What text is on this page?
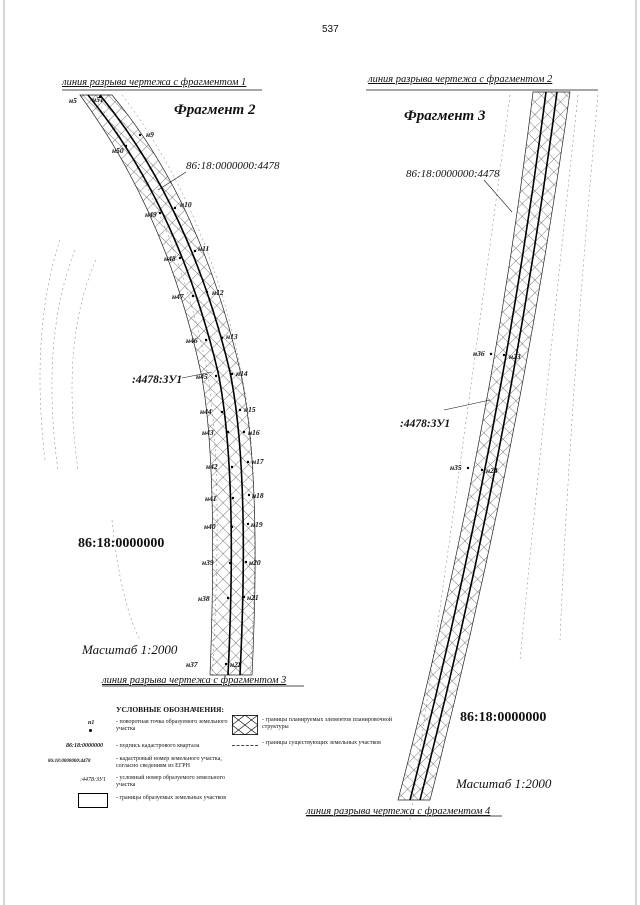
537
линия разрыва чертежа с фрагментом 1
Фрагмент 2
86:18:0000000:4478
:4478:ЗУ1
86:18:0000000
Масштаб 1:2000
линия разрыва чертежа с фрагментом 3
н5 н51
н9
н50
н10
н49
н11
н48
н12
н47
н13
н46
н14
н45
н15
н44
н16
н43
н17
н42
н18
н41
н19
н40
н20
н39
н21
н38
н22
н37
линия разрыва чертежа с фрагментом 2
Фрагмент 3
86:18:0000000:4478
н36	н23
:4478:ЗУ1
н35	н24
86:18:0000000
Масштаб 1:2000
линия разрыва чертежа с фрагментом 4
УСЛОВНЫЕ ОБОЗНАЧЕНИЯ:
н1	- поворотная точка образуемого земельного участка
86:18:0000000 - подпись кадастрового квартала
86:18:0000000:4478	- кадастровый номер земельного участка, согласно сведениям из ЕГРН
:4478:ЗУ1 - условный номер образуемого земельного участка
- границы образуемых земельных участков
- границы планируемых элементов планировочной структуры
- границы существующих земельных участков
